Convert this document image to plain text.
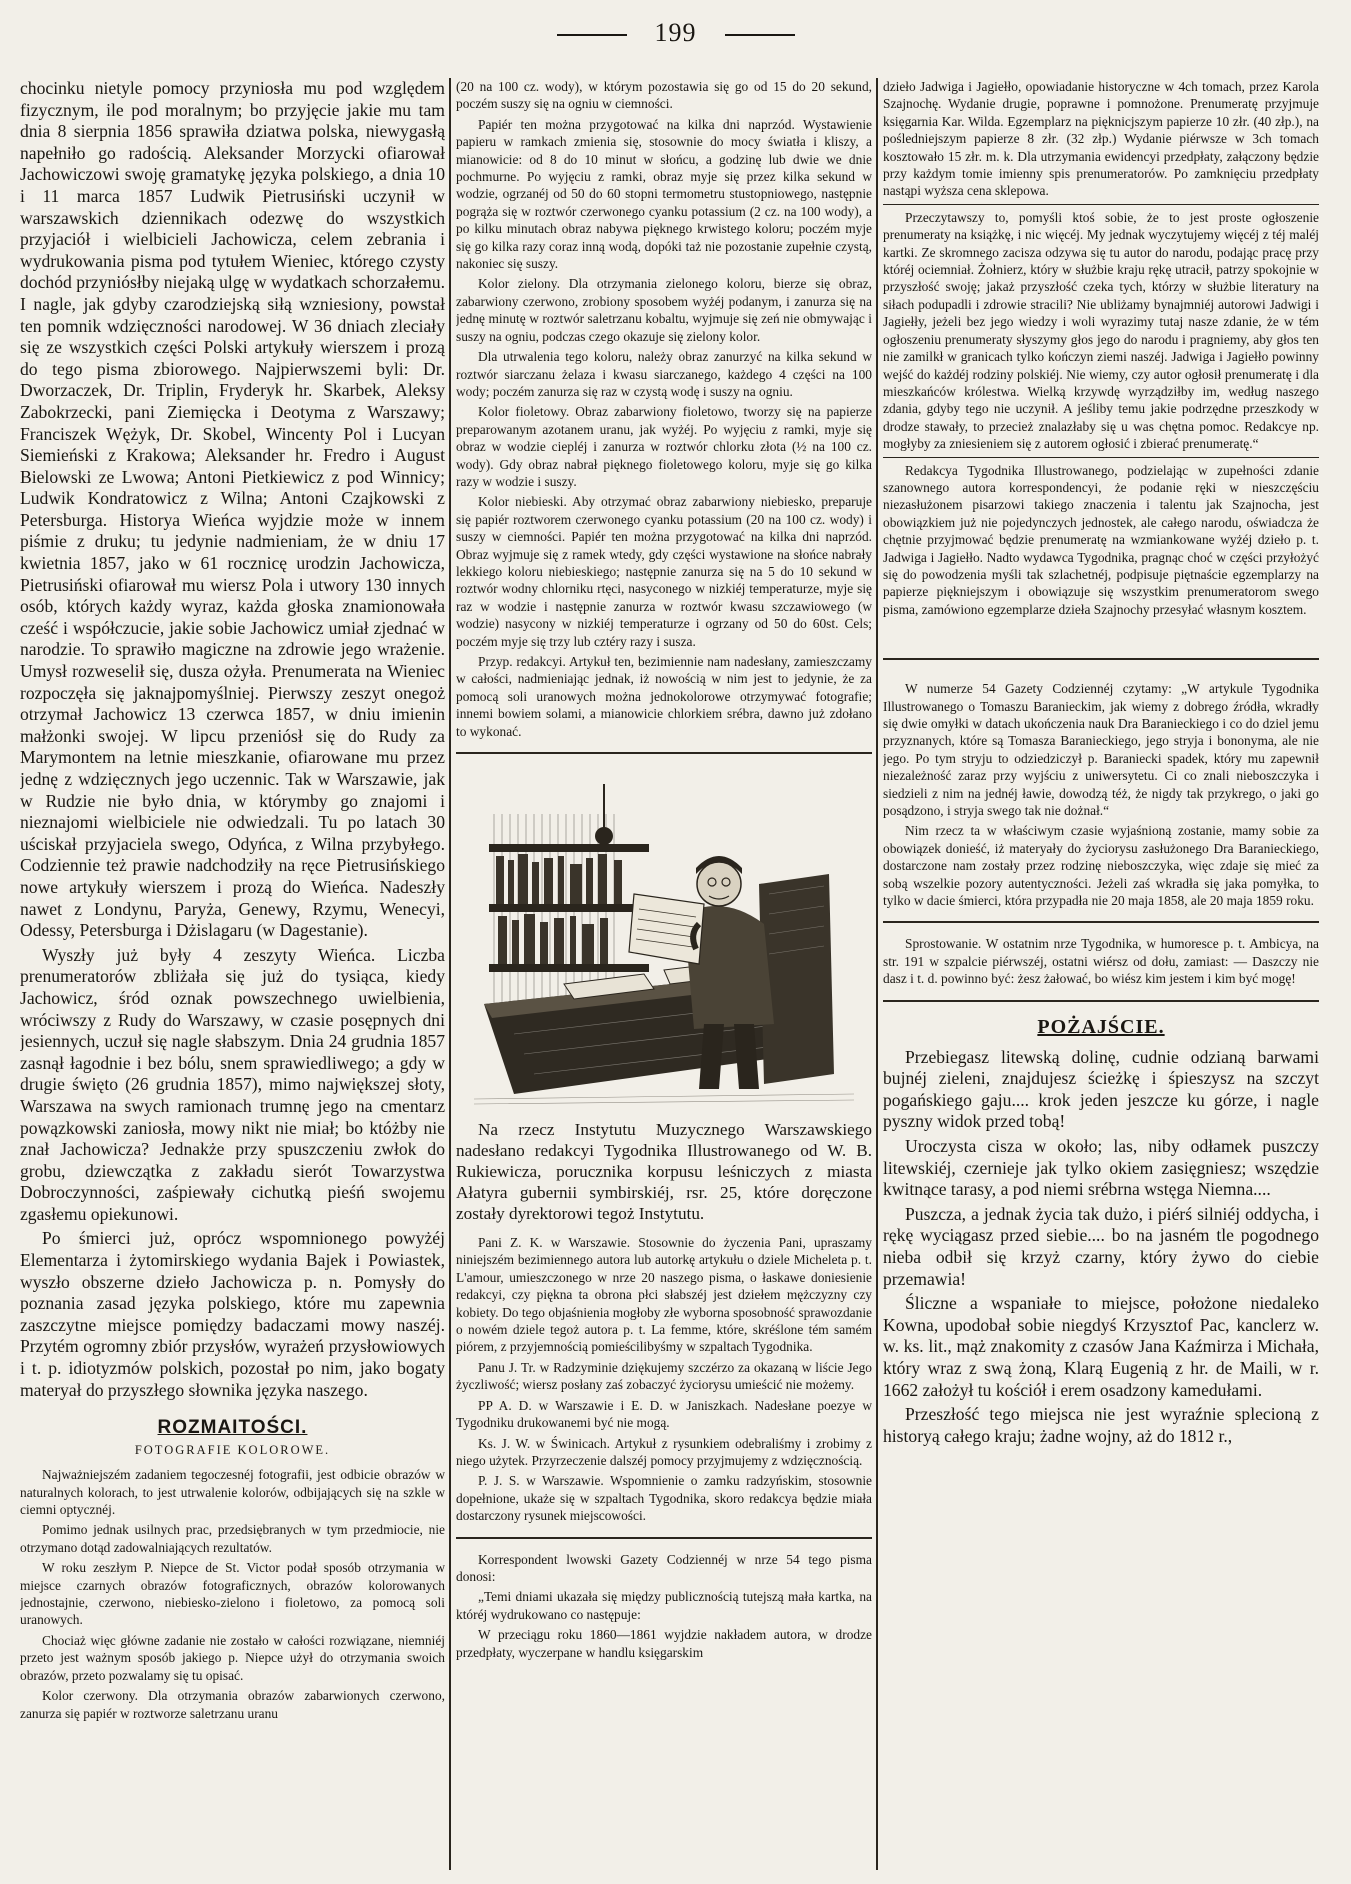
199

chocinku nietyle pomocy przyniosła mu pod względem fizycznym, ile pod moralnym; bo przyjęcie jakie mu tam dnia 8 sierpnia 1856 sprawiła dziatwa polska, niewygasłą napełniło go radością. Aleksander Morzycki ofiarował Jachowiczowi swoję gramatykę języka polskiego, a dnia 10 i 11 marca 1857 Ludwik Pietrusiński uczynił w warszawskich dziennikach odezwę do wszystkich przyjaciół i wielbicieli Jachowicza, celem zebrania i wydrukowania pisma pod tytułem Wieniec, którego czysty dochód przyniósłby niejaką ulgę w wydatkach schorzałemu. I nagle, jak gdyby czarodziejską siłą wzniesiony, powstał ten pomnik wdzięczności narodowej. W 36 dniach zleciały się ze wszystkich części Polski artykuły wierszem i prozą do tego pisma zbiorowego. Najpierwszemi byli: Dr. Dworzaczek, Dr. Triplin, Fryderyk hr. Skarbek, Aleksy Zabokrzecki, pani Ziemięcka i Deotyma z Warszawy; Franciszek Wężyk, Dr. Skobel, Wincenty Pol i Lucyan Siemieński z Krakowa; Aleksander hr. Fredro i August Bielowski ze Lwowa; Antoni Pietkiewicz z pod Winnicy; Ludwik Kondratowicz z Wilna; Antoni Czajkowski z Petersburga. Historya Wieńca wyjdzie może w innem piśmie z druku; tu jedynie nadmieniam, że w dniu 17 kwietnia 1857, jako w 61 rocznicę urodzin Jachowicza, Pietrusiński ofiarował mu wiersz Pola i utwory 130 innych osób, których każdy wyraz, każda głoska znamionowała cześć i współczucie, jakie sobie Jachowicz umiał zjednać w narodzie. To sprawiło magiczne na zdrowie jego wrażenie. Umysł rozweselił się, dusza ożyła. Prenumerata na Wieniec rozpoczęła się jaknajpomyślniej. Pierwszy zeszyt onegoż otrzymał Jachowicz 13 czerwca 1857, w dniu imienin małżonki swojej. W lipcu przeniósł się do Rudy za Marymontem na letnie mieszkanie, ofiarowane mu przez jednę z wdzięcznych jego uczennic. Tak w Warszawie, jak w Rudzie nie było dnia, w którymby go znajomi i nieznajomi wielbiciele nie odwiedzali. Tu po latach 30 uściskał przyjaciela swego, Odyńca, z Wilna przybyłego. Codziennie też prawie nadchodziły na ręce Pietrusińskiego nowe artykuły wierszem i prozą do Wieńca. Nadeszły nawet z Londynu, Paryża, Genewy, Rzymu, Wenecyi, Odessy, Petersburga i Dżislagaru (w Dagestanie).

Wyszły już były 4 zeszyty Wieńca. Liczba prenumeratorów zbliżała się już do tysiąca, kiedy Jachowicz, śród oznak powszechnego uwielbienia, wróciwszy z Rudy do Warszawy, w czasie posępnych dni jesiennych, uczuł się nagle słabszym. Dnia 24 grudnia 1857 zasnął łagodnie i bez bólu, snem sprawiedliwego; a gdy w drugie święto (26 grudnia 1857), mimo największej słoty, Warszawa na swych ramionach trumnę jego na cmentarz powązkowski zaniosła, mowy nikt nie miał; bo któżby nie znał Jachowicza? Jednakże przy spuszczeniu zwłok do grobu, dziewczątka z zakładu sierót Towarzystwa Dobroczynności, zaśpiewały cichutką pieśń swojemu zgasłemu opiekunowi.

Po śmierci już, oprócz wspomnionego powyżéj Elementarza i żytomirskiego wydania Bajek i Powiastek, wyszło obszerne dzieło Jachowicza p. n. Pomysły do poznania zasad języka polskiego, które mu zapewnia zaszczytne miejsce pomiędzy badaczami mowy naszéj. Przytém ogromny zbiór przysłów, wyrażeń przysłowiowych i t. p. idiotyzmów polskich, pozostał po nim, jako bogaty materyał do przyszłego słownika języka naszego.

ROZMAITOŚCI.
FOTOGRAFIE KOLOROWE.

Najważniejszém zadaniem tegoczesnéj fotografii, jest odbicie obrazów w naturalnych kolorach, to jest utrwalenie kolorów, odbijających się na szkle w ciemni optycznéj.

Pomimo jednak usilnych prac, przedsiębranych w tym przedmiocie, nie otrzymano dotąd zadowalniających rezultatów.

W roku zeszłym P. Niepce de St. Victor podał sposób otrzymania w miejsce czarnych obrazów fotograficznych, obrazów kolorowanych jednostajnie, czerwono, niebiesko-zielono i fioletowo, za pomocą soli uranowych.

Chociaż więc główne zadanie nie zostało w całości rozwiązane, niemniéj przeto jest ważnym sposób jakiego p. Niepce użył do otrzymania swoich obrazów, przeto pozwalamy się tu opisać.

Kolor czerwony. Dla otrzymania obrazów zabarwionych czerwono, zanurza się papiér w roztworze saletrzanu uranu

(20 na 100 cz. wody), w którym pozostawia się go od 15 do 20 sekund, poczém suszy się na ogniu w ciemności.

Papiér ten można przygotować na kilka dni naprzód. Wystawienie papieru w ramkach zmienia się, stosownie do mocy światła i kliszy, a mianowicie: od 8 do 10 minut w słońcu, a godzinę lub dwie we dnie pochmurne. Po wyjęciu z ramki, obraz myje się przez kilka sekund w wodzie, ogrzanéj od 50 do 60 stopni termometru stustopniowego, następnie pogrąża się w roztwór czerwonego cyanku potassium (2 cz. na 100 wody), a po kilku minutach obraz nabywa pięknego krwistego koloru; poczém myje się go kilka razy coraz inną wodą, dopóki taż nie pozostanie zupełnie czystą, nakoniec się suszy.

Kolor zielony. Dla otrzymania zielonego koloru, bierze się obraz, zabarwiony czerwono, zrobiony sposobem wyżéj podanym, i zanurza się na jednę minutę w roztwór saletrzanu kobaltu, wyjmuje się zeń nie obmywając i suszy na ogniu, podczas czego okazuje się zielony kolor.

Dla utrwalenia tego koloru, należy obraz zanurzyć na kilka sekund w roztwór siarczanu żelaza i kwasu siarczanego, każdego 4 części na 100 wody; poczém zanurza się raz w czystą wodę i suszy na ogniu.

Kolor fioletowy. Obraz zabarwiony fioletowo, tworzy się na papierze preparowanym azotanem uranu, jak wyżéj. Po wyjęciu z ramki, myje się obraz w wodzie ciepléj i zanurza w roztwór chlorku złota (½ na 100 cz. wody). Gdy obraz nabrał pięknego fioletowego koloru, myje się go kilka razy w wodzie i suszy.

Kolor niebieski. Aby otrzymać obraz zabarwiony niebiesko, preparuje się papiér roztworem czerwonego cyanku potassium (20 na 100 cz. wody) i suszy w ciemności. Papiér ten można przygotować na kilka dni naprzód. Obraz wyjmuje się z ramek wtedy, gdy części wystawione na słońce nabrały lekkiego koloru niebieskiego; następnie zanurza się na 5 do 10 sekund w roztwór wodny chlorniku rtęci, nasyconego w nizkiéj temperaturze, myje się raz w wodzie i następnie zanurza w roztwór kwasu szczawiowego (w wodzie) nasycony w nizkiéj temperaturze i ogrzany od 50 do 60st. Cels; poczém myje się trzy lub cztéry razy i susza.

Przyp. redakcyi. Artykuł ten, bezimiennie nam nadesłany, zamieszczamy w całości, nadmieniając jednak, iż nowością w nim jest to jedynie, że za pomocą soli uranowych można jednokolorowe otrzymywać fotografie; innemi bowiem solami, a mianowicie chlorkiem srébra, dawno już zdołano to wykonać.

Na rzecz Instytutu Muzycznego Warszawskiego nadesłano redakcyi Tygodnika Illustrowanego od W. B. Rukiewicza, porucznika korpusu leśniczych z miasta Ałatyra gubernii symbirskiéj, rsr. 25, które doręczone zostały dyrektorowi tegoż Instytutu.

Pani Z. K. w Warszawie. Stosownie do życzenia Pani, upraszamy niniejszém bezimiennego autora lub autorkę artykułu o dziele Micheleta p. t. L'amour, umieszczonego w nrze 20 naszego pisma, o łaskawe doniesienie redakcyi, czy piękna ta obrona płci słabszéj jest dziełem mężczyzny czy kobiety. Do tego objaśnienia mogłoby złe wyborna sposobność sprawozdanie o nowém dziele tegoż autora p. t. La femme, które, skréślone tém samém piórem, z przyjemnością pomieścilibyśmy w szpaltach Tygodnika.

Panu J. Tr. w Radzyminie dziękujemy szczérzo za okazaną w liście Jego życzliwość; wiersz posłany zaś zobaczyć życiorysu umieścić nie możemy.

PP A. D. w Warszawie i E. D. w Janiszkach. Nadesłane poezye w Tygodniku drukowanemi być nie mogą.

Ks. J. W. w Świnicach. Artykuł z rysunkiem odebraliśmy i zrobimy z niego użytek. Przyrzeczenie dalszéj pomocy przyjmujemy z wdzięcznością.

P. J. S. w Warszawie. Wspomnienie o zamku radzyńskim, stosownie dopełnione, ukaże się w szpaltach Tygodnika, skoro redakcya będzie miała dostarczony rysunek miejscowości.

Korrespondent lwowski Gazety Codziennéj w nrze 54 tego pisma donosi:

„Temi dniami ukazała się między publicznością tutejszą mała kartka, na któréj wydrukowano co następuje:

W przeciągu roku 1860—1861 wyjdzie nakładem autora, w drodze przedpłaty, wyczerpane w handlu księgarskim

dzieło Jadwiga i Jagiełło, opowiadanie historyczne w 4ch tomach, przez Karola Szajnochę. Wydanie drugie, poprawne i pomnożone. Prenumeratę przyjmuje księgarnia Kar. Wilda. Egzemplarz na pięknicjszym papierze 10 złr. (40 złp.), na pośledniejszym papierze 8 złr. (32 złp.) Wydanie piérwsze w 3ch tomach kosztowało 15 złr. m. k. Dla utrzymania ewidencyi przedpłaty, załączony będzie przy każdym tomie imienny spis prenumeratorów. Po zamknięciu przedpłaty nastąpi wyższa cena sklepowa.

Przeczytawszy to, pomyśli ktoś sobie, że to jest proste ogłoszenie prenumeraty na książkę, i nic więcéj. My jednak wyczytujemy więcéj z téj maléj kartki. Ze skromnego zacisza odzywa się tu autor do narodu, podając pracę przy któréj ociemniał. Żołnierz, który w służbie kraju rękę utracił, patrzy spokojnie w przyszłość swoję; jakaż przyszłość czeka tych, którzy w służbie literatury na siłach podupadli i zdrowie stracili? Nie ubliżamy bynajmniéj autorowi Jadwigi i Jagiełły, jeżeli bez jego wiedzy i woli wyrazimy tutaj nasze zdanie, że w tém ogłoszeniu prenumeraty słyszymy głos jego do narodu i pragniemy, aby głos ten nie zamilkł w granicach tylko kończyn ziemi naszéj. Jadwiga i Jagiełło powinny wejść do każdéj rodziny polskiéj. Nie wiemy, czy autor ogłosił prenumeratę i dla mieszkańców królestwa. Wielką krzywdę wyrządziłby im, według naszego zdania, gdyby tego nie uczynił. A jeśliby temu jakie podrzędne przeszkody w drodze stawały, to przecież znalazłaby się u was chętna pomoc. Redakcye np. mogłyby za zniesieniem się z autorem ogłosić i zbierać prenumeratę.“

Redakcya Tygodnika Illustrowanego, podzielając w zupełności zdanie szanownego autora korrespondencyi, że podanie ręki w nieszczęściu niezasłużonem pisarzowi takiego znaczenia i talentu jak Szajnocha, jest obowiązkiem już nie pojedynczych jednostek, ale całego narodu, oświadcza że chętnie przyjmować będzie prenumeratę na wzmiankowane wyżéj dzieło p. t. Jadwiga i Jagiełło. Nadto wydawca Tygodnika, pragnąc choć w części przyłożyć się do powodzenia myśli tak szlachetnéj, podpisuje piętnaście egzemplarzy na papierze piękniejszym i obowiązuje się wszystkim prenumeratorom swego pisma, zamówiono egzemplarze dzieła Szajnochy przesyłać własnym kosztem.

W numerze 54 Gazety Codziennéj czytamy: „W artykule Tygodnika Illustrowanego o Tomaszu Baranieckim, jak wiemy z dobrego źródła, wkradły się dwie omyłki w datach ukończenia nauk Dra Baranieckiego i co do dziel jemu przyznanych, które są Tomasza Baranieckiego, jego stryja i bononyma, ale nie jego. Po tym stryju to odziedziczył p. Baraniecki spadek, który mu zapewnił niezależność zaraz przy wyjściu z uniwersytetu. Ci co znali nieboszczyka i siedzieli z nim na jednéj ławie, dowodzą téż, że nigdy tak przykrego, o jaki go posądzono, i stryja swego tak nie dożnał.“

Nim rzecz ta w właściwym czasie wyjaśnioną zostanie, mamy sobie za obowiązek donieść, iż materyały do życiorysu zasłużonego Dra Baranieckiego, dostarczone nam zostały przez rodzinę nieboszczyka, więc zdaje się mieć za sobą wszelkie pozory autentyczności. Jeżeli zaś wkradła się jaka pomyłka, to tylko w dacie śmierci, która przypadła nie 20 maja 1858, ale 20 maja 1859 roku.

Sprostowanie. W ostatnim nrze Tygodnika, w humoresce p. t. Ambicya, na str. 191 w szpalcie piérwszéj, ostatni wiérsz od dołu, zamiast: — Daszczy nie dasz i t. d. powinno być: żesz żałować, bo wiész kim jestem i kim być mogę!

POŻAJŚCIE.

Przebiegasz litewską dolinę, cudnie odzianą barwami bujnéj zieleni, znajdujesz ścieżkę i śpieszysz na szczyt pogańskiego gaju.... krok jeden jeszcze ku górze, i nagle pyszny widok przed tobą!

Uroczysta cisza w około; las, niby odłamek puszczy litewskiéj, czernieje jak tylko okiem zasięgniesz; wszędzie kwitnące tarasy, a pod niemi srébrna wstęga Niemna....

Puszcza, a jednak życia tak dużo, i piérś silniéj oddycha, i rękę wyciągasz przed siebie.... bo na jasném tle pogodnego nieba odbił się krzyż czarny, który żywo do ciebie przemawia!

Śliczne a wspaniałe to miejsce, położone niedaleko Kowna, upodobał sobie niegdyś Krzysztof Pac, kanclerz w. w. ks. lit., mąż znakomity z czasów Jana Kaźmirza i Michała, który wraz z swą żoną, Klarą Eugenią z hr. de Maili, w r. 1662 założył tu kościół i erem osadzony kamedułami.

Przeszłość tego miejsca nie jest wyraźnie splecioną z historyą całego kraju; żadne wojny, aż do 1812 r.,
